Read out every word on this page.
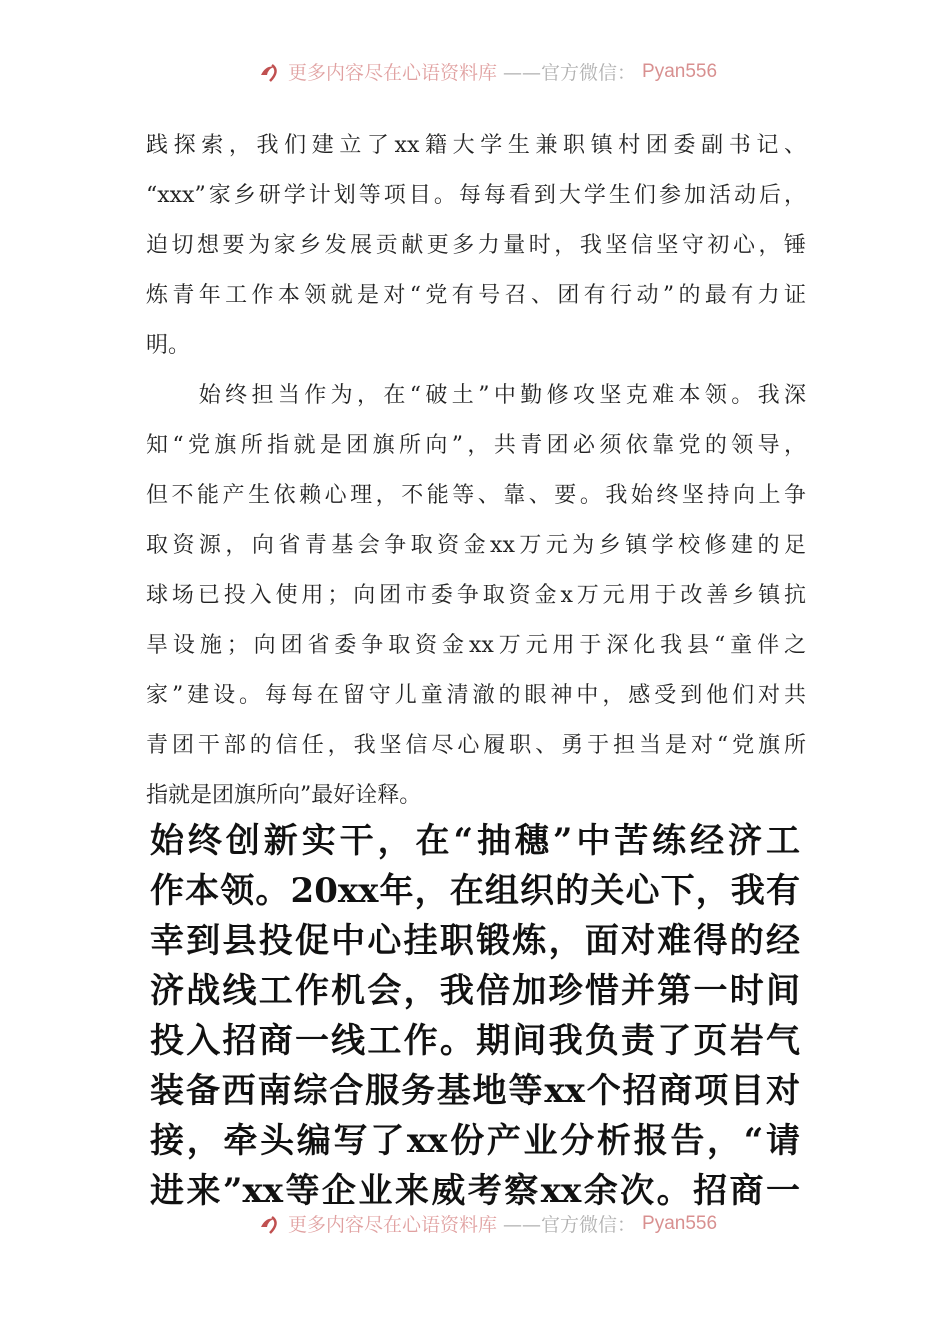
更多内容尽在心语资料库 ——官方微信： Pyan556
践探索，我们建立了xx籍大学生兼职镇村团委副书记、
“xxx”家乡研学计划等项目。每每看到大学生们参加活动后，
迫切想要为家乡发展贡献更多力量时，我坚信坚守初心，锤
炼青年工作本领就是对“党有号召、团有行动”的最有力证
明。
　　始终担当作为，在“破土”中勤修攻坚克难本领。我深
知“党旗所指就是团旗所向”，共青团必须依靠党的领导，
但不能产生依赖心理，不能等、靠、要。我始终坚持向上争
取资源，向省青基会争取资金xx万元为乡镇学校修建的足
球场已投入使用；向团市委争取资金x万元用于改善乡镇抗
旱设施；向团省委争取资金xx万元用于深化我县“童伴之
家”建设。每每在留守儿童清澈的眼神中，感受到他们对共
青团干部的信任，我坚信尽心履职、勇于担当是对“党旗所
指就是团旗所向”最好诠释。
始终创新实干，在“抽穗”中苦练经济工
作本领。20xx年，在组织的关心下，我有
幸到县投促中心挂职锻炼，面对难得的经
济战线工作机会，我倍加珍惜并第一时间
投入招商一线工作。期间我负责了页岩气
装备西南综合服务基地等xx个招商项目对
接，牵头编写了xx份产业分析报告，“请
进来”xx等企业来威考察xx余次。招商一
更多内容尽在心语资料库 ——官方微信： Pyan556
